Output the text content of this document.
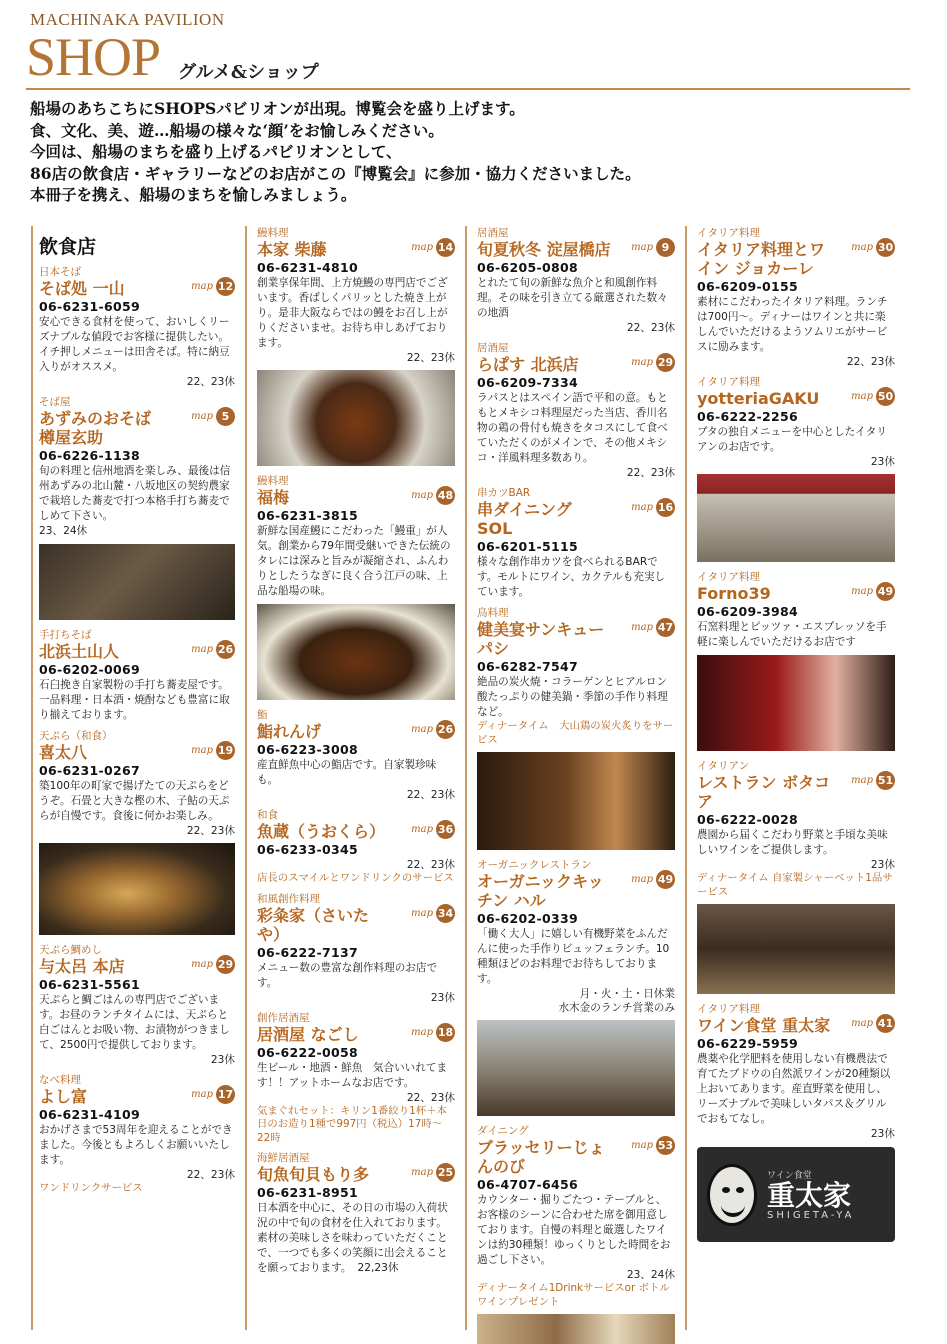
MACHINAKA PAVILION
SHOP グルメ&ショップ

船場のあちこちにSHOPSパビリオンが出現。博覧会を盛り上げます。

食、文化、美、遊…船場の様々な‘顔’をお愉しみください。

今回は、船場のまちを盛り上げるパビリオンとして、

86店の飲食店・ギャラリーなどのお店がこの『博覧会』に参加・協力くださいました。

本冊子を携え、船場のまちを愉しみましょう。

飲食店
日本そば
そば処 一山	map 12
06-6231-6059
安心できる食材を使って、おいしくリーズナブルな値段でお客様に提供したい。イチ押しメニューは田舎そば。特に納豆入りがオススメ。
22、23休
そば屋
あずみのおそば 樽屋玄助
map 5
06-6226-1138
旬の料理と信州地酒を楽しみ、最後は信州あずみの北山麓・八坂地区の契約農家で栽培した蕎麦で打つ本格手打ち蕎麦でしめて下さい。
23、24休
手打ちそば
北浜土山人	map 26
06-6202-0069
石臼挽き自家製粉の手打ち蕎麦屋です。一品料理・日本酒・焼酎なども豊富に取り揃えております。
天ぷら（和食）
喜太八	map 19
06-6231-0267
築100年の町家で揚げたての天ぷらをどうぞ。石畳と大きな樫の木、子鮎の天ぷらが自慢です。食後に何かお楽しみ。
22、23休
天ぷら鯛めし
与太呂 本店	map 29
06-6231-5561
天ぷらと鯛ごはんの専門店でございます。お昼のランチタイムには、天ぷらと白ごはんとお吸い物、お漬物がつきまして、2500円で提供しております。
23休
なべ料理
よし富	map 17
06-6231-4109
おかげさまで53周年を迎えることができました。今後ともよろしくお願いいたします。
22、23休
ワンドリンクサービス
鰻料理
本家 柴藤	map 14
06-6231-4810
創業享保年間、上方焼鰻の専門店でございます。香ばしくパリッとした焼き上がり。是非大阪ならではの鰻をお召し上がりくださいませ。お待ち申しあげております。
22、23休
鰻料理
福梅	map 48
06-6231-3815
新鮮な国産鰻にこだわった「鰻重」が人気。創業から79年間受継いできた伝統のタレには深みと旨みが凝縮され、ふんわりとしたうなぎに良く合う江戸の味、上品な船場の味。
鮨
鮨れんげ	map 26
06-6223-3008
産直鮮魚中心の鮨店です。自家製珍味も。
22、23休
和食
魚蔵（うおくら）	map 36
06-6233-0345
22、23休
店長のスマイルとワンドリンクのサービス
和風創作料理
彩粂家（さいたや）
map 34
06-6222-7137
メニュー数の豊富な創作料理のお店です。
23休
創作居酒屋
居酒屋 なごし	map 18
06-6222-0058
生ビール・地酒・鮮魚　気合いいれてます！！アットホームなお店です。
22、23休
気まぐれセット：キリン1番絞り1杯＋本日のお造り1種で997円（税込）17時～22時
海鮮居酒屋
旬魚旬貝もり多	map 25
06-6231-8951
日本酒を中心に、その日の市場の入荷状況の中で旬の食材を仕入れております。素材の美味しさを味わっていただくことで、一つでも多くの笑顔に出会えることを願っております。 22,23休
居酒屋
旬夏秋冬 淀屋橋店	map 9
06-6205-0808
とれたて旬の新鮮な魚介と和風創作料理。その味を引き立てる厳選された数々の地酒
22、23休
居酒屋
らぱす 北浜店	map 29
06-6209-7334
ラパスとはスペイン語で平和の意。もともとメキシコ料理屋だった当店、香川名物の鶏の骨付も焼きをタコスにして食べていただくのがメインで、その他メキシコ・洋風料理多数あり。
22、23休
串カツBAR
串ダイニング SOL
map 16
06-6201-5115
様々な創作串カツを食べられるBARです。モルトにワイン、カクテルも充実しています。
鳥料理
健美宴サンキューパシ
map 47
06-6282-7547
絶品の炭火焼・コラーゲンとヒアルロン酸たっぷりの健美鍋・季節の手作り料理など。
ディナータイム　大山鶏の炭火炙りをサービス
オーガニックレストラン
オーガニックキッチン ハル
map 49
06-6202-0339
「働く大人」に嬉しい有機野菜をふんだんに使った手作りビュッフェランチ。10種類ほどのお料理でお待ちしております。
月・火・土・日休業
水木金のランチ営業のみ
ダイニング
ブラッセリーじょんのび
map 53
06-4707-6456
カウンター・掘りごたつ・テーブルと、お客様のシーンに合わせた席を御用意しております。自慢の料理と厳選したワインは約30種類！ゆっくりとした時間をお過ごし下さい。
23、24休
ディナータイム1Drinkサービスor ボトルワインプレゼント
イタリア料理
イタリア料理とワイン ジョカーレ
map 30
06-6209-0155
素材にこだわったイタリア料理。ランチは700円～。ディナーはワインと共に楽しんでいただけるようソムリエがサービスに励みます。
22、23休
イタリア料理
yotteriaGAKU	map 50
06-6222-2256
ブタの独自メニューを中心としたイタリアンのお店です。
23休
イタリア料理
Forno39	map 49
06-6209-3984
石窯料理とピッツァ・エスプレッソを手軽に楽しんでいただけるお店です
イタリアン
レストラン ボタコア
map 51
06-6222-0028
農園から届くこだわり野菜と手頃な美味しいワインをご提供します。
23休
ディナータイム 自家製シャーベット1品サービス
イタリア料理
ワイン食堂 重太家	map 41
06-6229-5959
農薬や化学肥料を使用しない有機農法で育てたブドウの自然派ワインが20種類以上おいてあります。産直野菜を使用し、リーズナブルで美味しいタパス＆グリルでおもてなし。
23休
ワイン食堂
重太家
SHIGETA-YA
